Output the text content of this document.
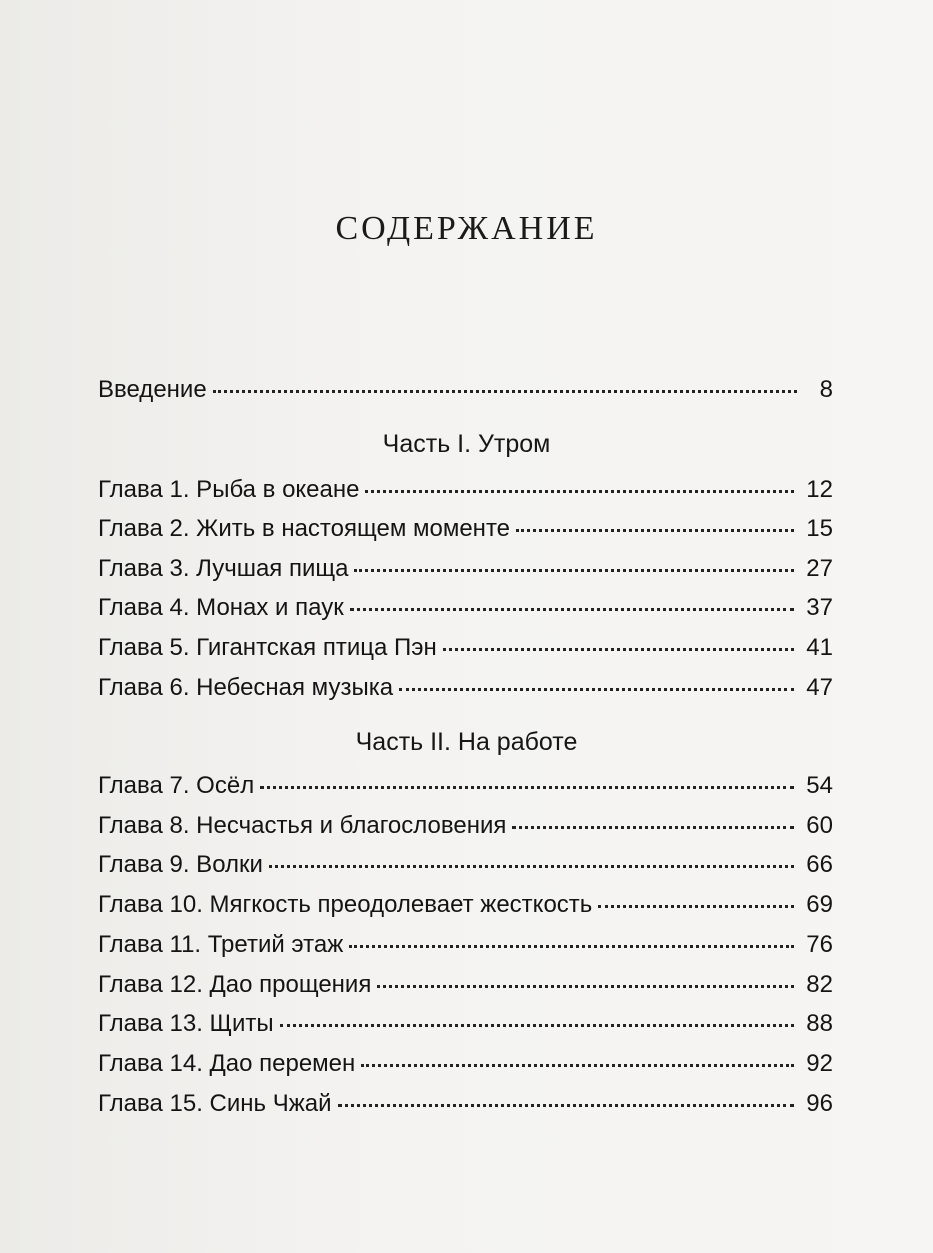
СОДЕРЖАНИЕ
Введение	8
Часть I. Утром
Глава 1. Рыба в океане	12
Глава 2. Жить в настоящем моменте	15
Глава 3. Лучшая пища	27
Глава 4. Монах и паук	37
Глава 5. Гигантская птица Пэн	41
Глава 6. Небесная музыка	47
Часть II. На работе
Глава 7. Осёл	54
Глава 8. Несчастья и благословения	60
Глава 9. Волки	66
Глава 10. Мягкость преодолевает жесткость	69
Глава 11. Третий этаж	76
Глава 12. Дао прощения	82
Глава 13. Щиты	88
Глава 14. Дао перемен	92
Глава 15. Синь Чжай	96
